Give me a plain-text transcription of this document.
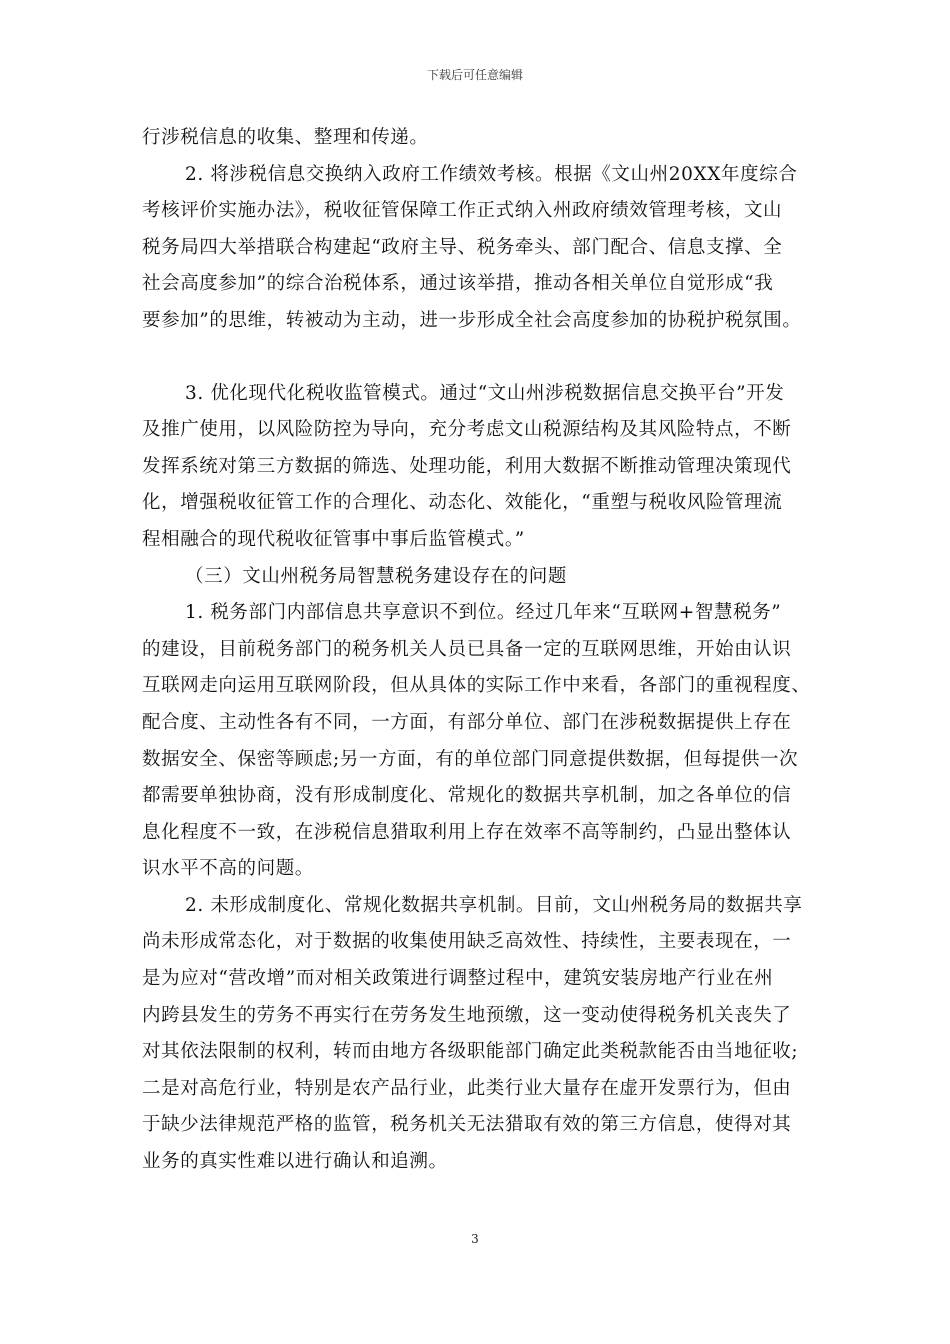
下载后可任意编辑

行涉税信息的收集、整理和传递。

2. 将涉税信息交换纳入政府工作绩效考核。根据《文山州20XX年度综合

考核评价实施办法》，税收征管保障工作正式纳入州政府绩效管理考核，文山

税务局四大举措联合构建起“政府主导、税务牵头、部门配合、信息支撑、全

社会高度参加”的综合治税体系，通过该举措，推动各相关单位自觉形成“我

要参加”的思维，转被动为主动，进一步形成全社会高度参加的协税护税氛围。

3. 优化现代化税收监管模式。通过“文山州涉税数据信息交换平台”开发

及推广使用，以风险防控为导向，充分考虑文山税源结构及其风险特点，不断

发挥系统对第三方数据的筛选、处理功能，利用大数据不断推动管理决策现代

化，增强税收征管工作的合理化、动态化、效能化，“重塑与税收风险管理流

程相融合的现代税收征管事中事后监管模式。”

（三）文山州税务局智慧税务建设存在的问题

1. 税务部门内部信息共享意识不到位。经过几年来“互联网+智慧税务”

的建设，目前税务部门的税务机关人员已具备一定的互联网思维，开始由认识

互联网走向运用互联网阶段，但从具体的实际工作中来看，各部门的重视程度、

配合度、主动性各有不同，一方面，有部分单位、部门在涉税数据提供上存在

数据安全、保密等顾虑;另一方面，有的单位部门同意提供数据，但每提供一次

都需要单独协商，没有形成制度化、常规化的数据共享机制，加之各单位的信

息化程度不一致，在涉税信息猎取利用上存在效率不高等制约，凸显出整体认

识水平不高的问题。

2. 未形成制度化、常规化数据共享机制。目前，文山州税务局的数据共享

尚未形成常态化，对于数据的收集使用缺乏高效性、持续性，主要表现在，一

是为应对“营改增”而对相关政策进行调整过程中，建筑安装房地产行业在州

内跨县发生的劳务不再实行在劳务发生地预缴，这一变动使得税务机关丧失了

对其依法限制的权利，转而由地方各级职能部门确定此类税款能否由当地征收;

二是对高危行业，特别是农产品行业，此类行业大量存在虚开发票行为，但由

于缺少法律规范严格的监管，税务机关无法猎取有效的第三方信息，使得对其

业务的真实性难以进行确认和追溯。

3
